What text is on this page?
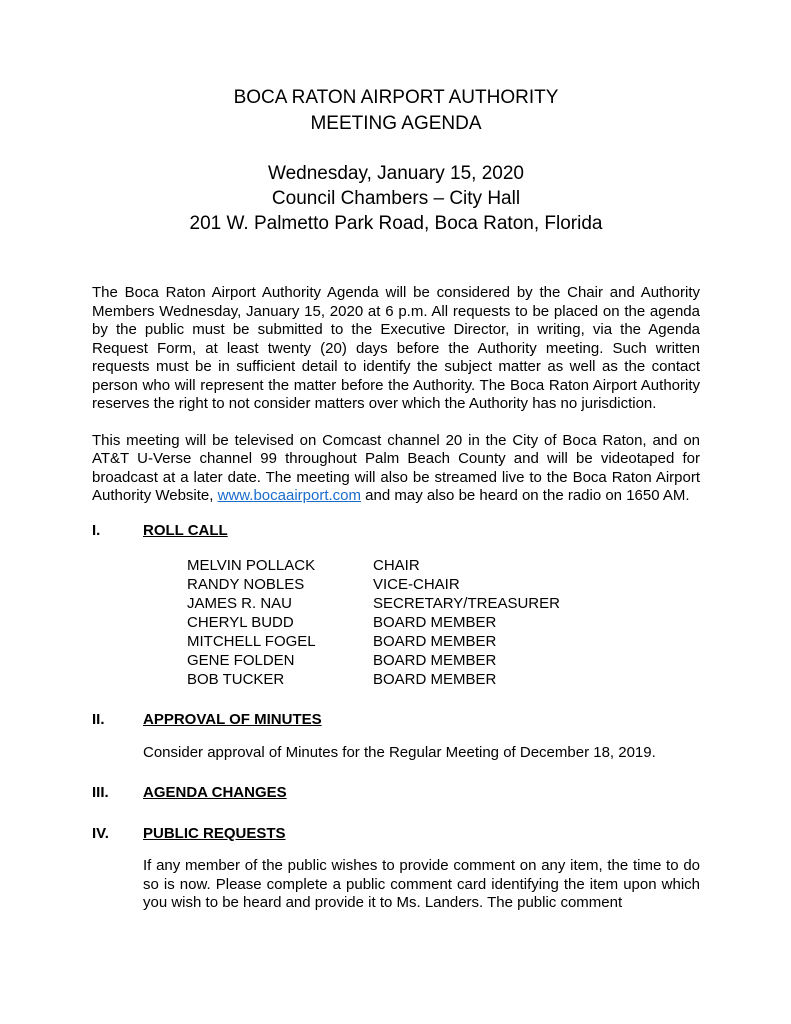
BOCA RATON AIRPORT AUTHORITY
MEETING AGENDA
Wednesday, January 15, 2020
Council Chambers – City Hall
201 W. Palmetto Park Road, Boca Raton, Florida

The Boca Raton Airport Authority Agenda will be considered by the Chair and Authority Members Wednesday, January 15, 2020 at 6 p.m. All requests to be placed on the agenda by the public must be submitted to the Executive Director, in writing, via the Agenda Request Form, at least twenty (20) days before the Authority meeting. Such written requests must be in sufficient detail to identify the subject matter as well as the contact person who will represent the matter before the Authority. The Boca Raton Airport Authority reserves the right to not consider matters over which the Authority has no jurisdiction.

This meeting will be televised on Comcast channel 20 in the City of Boca Raton, and on AT&T U-Verse channel 99 throughout Palm Beach County and will be videotaped for broadcast at a later date. The meeting will also be streamed live to the Boca Raton Airport Authority Website, www.bocaairport.com and may also be heard on the radio on 1650 AM.

I.	ROLL CALL
MELVIN POLLACK	CHAIR
RANDY NOBLES	VICE-CHAIR
JAMES R. NAU	SECRETARY/TREASURER
CHERYL BUDD	BOARD MEMBER
MITCHELL FOGEL	BOARD MEMBER
GENE FOLDEN	BOARD MEMBER
BOB TUCKER	BOARD MEMBER
II.	APPROVAL OF MINUTES

Consider approval of Minutes for the Regular Meeting of December 18, 2019.

III.	AGENDA CHANGES
IV.	PUBLIC REQUESTS

If any member of the public wishes to provide comment on any item, the time to do so is now. Please complete a public comment card identifying the item upon which you wish to be heard and provide it to Ms. Landers. The public comment
